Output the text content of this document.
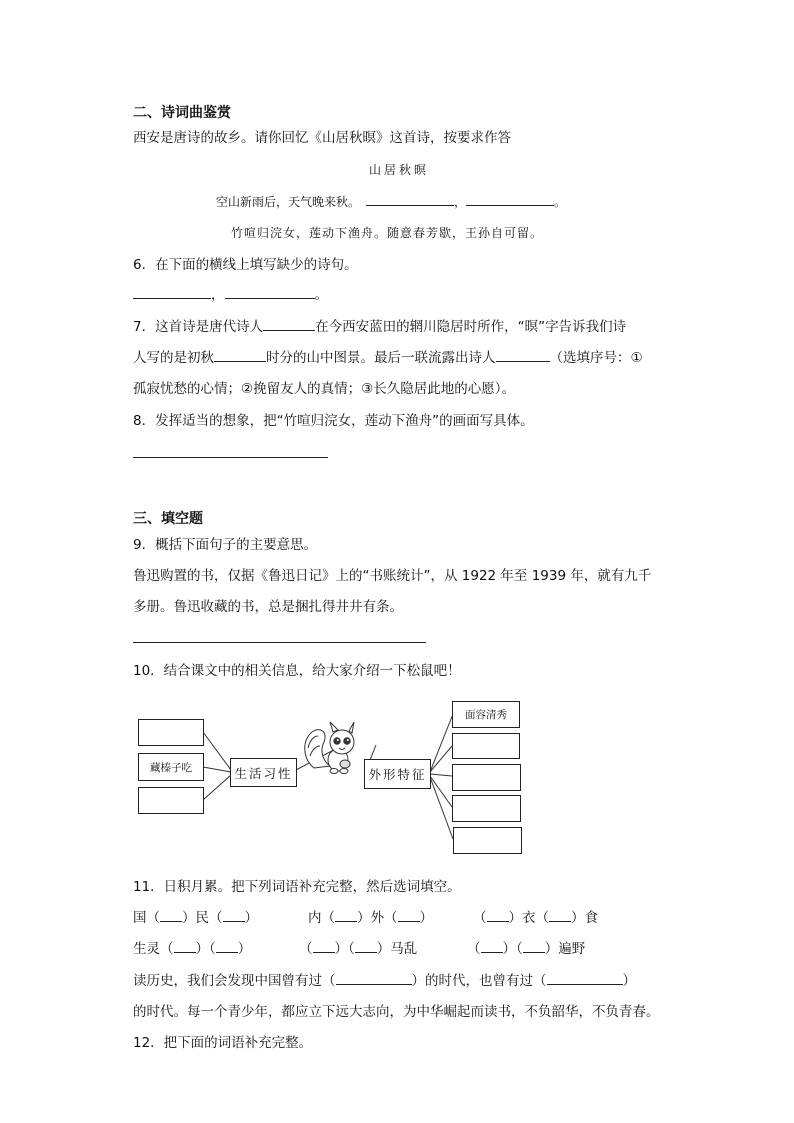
二、诗词曲鉴赏
西安是唐诗的故乡。请你回忆《山居秋暝》这首诗，按要求作答
山居秋暝
空山新雨后，天气晚来秋。	，	。
竹喧归浣女，莲动下渔舟。随意春芳歇，王孙自可留。
6．在下面的横线上填写缺少的诗句。
，	。
7．这首诗是唐代诗人	在今西安蓝田的辋川隐居时所作，“暝”字告诉我们诗
人写的是初秋	时分的山中图景。最后一联流露出诗人	（选填序号：①
孤寂忧愁的心情；②挽留友人的真情；③长久隐居此地的心愿）。
8．发挥适当的想象，把“竹喧归浣女，莲动下渔舟”的画面写具体。
三、填空题
9．概括下面句子的主要意思。
鲁迅购置的书，仅据《鲁迅日记》上的“书账统计”，从 1922 年至 1939 年，就有九千
多册。鲁迅收藏的书，总是捆扎得井井有条。
10．结合课文中的相关信息，给大家介绍一下松鼠吧！
藏榛子吃	生活习性	外形特征
面容清秀
11．日积月累。把下列词语补充完整，然后选词填空。
国（ ）民（ ）	内（ ）外（ ）	（ ）衣（ ）食
生灵（ ）（ ）	（ ）（ ）马乱	（ ）（ ）遍野
读历史，我们会发现中国曾有过（	）的时代，也曾有过（	）
的时代。每一个青少年，都应立下远大志向，为中华崛起而读书，不负韶华，不负青春。
12．把下面的词语补充完整。
